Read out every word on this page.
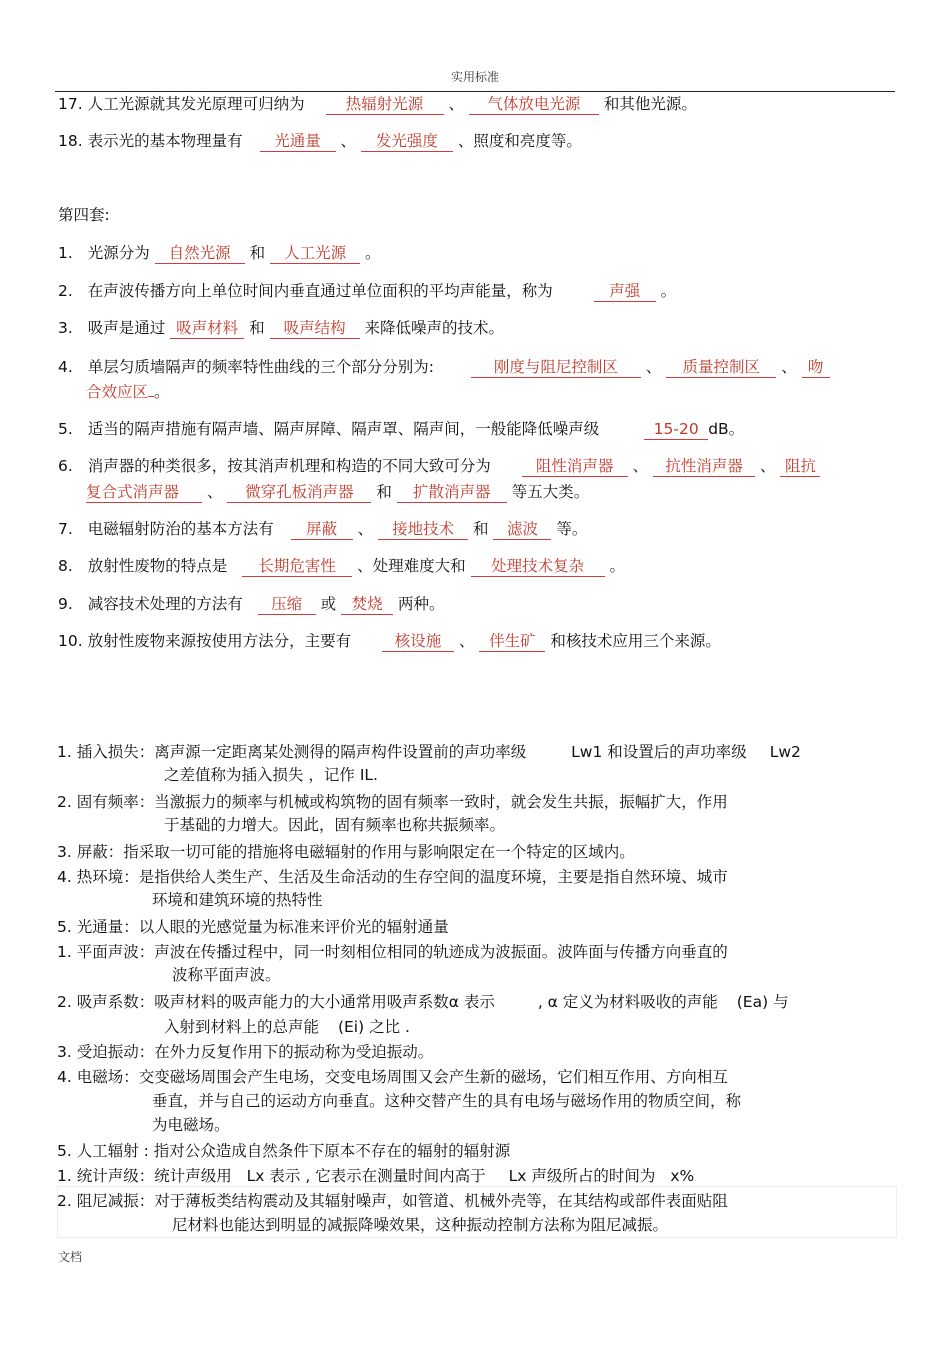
实用标准
17. 人工光源就其发光原理可归纳为	热辐射光源 、 气体放电光源 和其他光源。
18. 表示光的基本物理量有 光通量 、 发光强度 、照度和亮度等。
第四套:
1. 光源分为 自然光源 和 人工光源 。
2. 在声波传播方向上单位时间内垂直通过单位面积的平均声能量，称为	声强 。
3. 吸声是通过 吸声材料 和 吸声结构 来降低噪声的技术。
4. 单层匀质墙隔声的频率特性曲线的三个部分分别为:	刚度与阻尼控制区 、 质量控制区 、 吻
合效应区 。
5. 适当的隔声措施有隔声墙、隔声屏障、隔声罩、隔声间，一般能降低噪声级	15-20 dB。
6. 消声器的种类很多，按其消声机理和构造的不同大致可分为	阻性消声器 、 抗性消声器 、 阻抗
复合式消声器 、 微穿孔板消声器 和 扩散消声器 等五大类。
7. 电磁辐射防治的基本方法有 屏蔽 、 接地技术 和 滤波 等。
8. 放射性废物的特点是 长期危害性 、处理难度大和 处理技术复杂 。
9. 减容技术处理的方法有 压缩 或 焚烧 两种。
10. 放射性废物来源按使用方法分，主要有	核设施 、 伴生矿 和核技术应用三个来源。
1. 插入损失：离声源一定距离某处测得的隔声构件设置前的声功率级	Lw1 和设置后的声功率级 Lw2
之差值称为插入损失 ，记作 IL.
2. 固有频率：当激振力的频率与机械或构筑物的固有频率一致时，就会发生共振，振幅扩大，作用
于基础的力增大。因此，固有频率也称共振频率。
3. 屏蔽：指采取一切可能的措施将电磁辐射的作用与影响限定在一个特定的区域内。
4. 热环境：是指供给人类生产、生活及生命活动的生存空间的温度环境，主要是指自然环境、城市
环境和建筑环境的热特性
5. 光通量：以人眼的光感觉量为标准来评价光的辐射通量
1. 平面声波：声波在传播过程中，同一时刻相位相同的轨迹成为波振面。波阵面与传播方向垂直的
波称平面声波。
2. 吸声系数：吸声材料的吸声能力的大小通常用吸声系数α 表示	, α 定义为材料吸收的声能 (Ea) 与
入射到材料上的总声能 (Ei) 之比 .
3. 受迫振动：在外力反复作用下的振动称为受迫振动。
4. 电磁场：交变磁场周围会产生电场，交变电场周围又会产生新的磁场，它们相互作用、方向相互
垂直，并与自己的运动方向垂直。这种交替产生的具有电场与磁场作用的物质空间，称
为电磁场。
5. 人工辐射 : 指对公众造成自然条件下原本不存在的辐射的辐射源
1. 统计声级：统计声级用 Lx 表示 , 它表示在测量时间内高于 Lx 声级所占的时间为 x%
2. 阻尼减振：对于薄板类结构震动及其辐射噪声，如管道、机械外壳等，在其结构或部件表面贴阻
尼材料也能达到明显的减振降噪效果，这种振动控制方法称为阻尼减振。
文档
